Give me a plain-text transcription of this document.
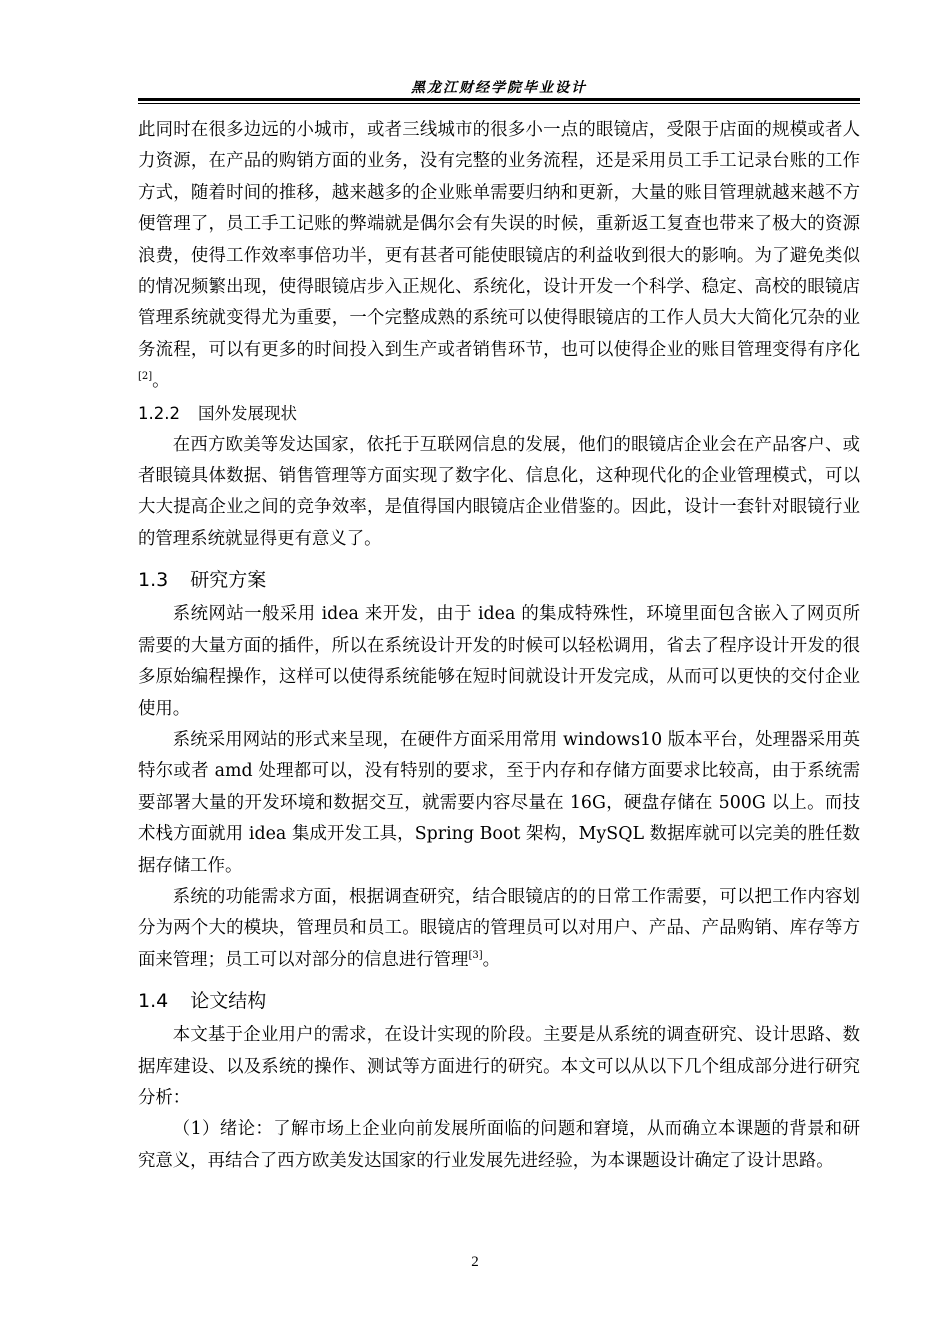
黑龙江财经学院毕业设计

此同时在很多边远的小城市，或者三线城市的很多小一点的眼镜店，受限于店面的规模或者人力资源，在产品的购销方面的业务，没有完整的业务流程，还是采用员工手工记录台账的工作方式，随着时间的推移，越来越多的企业账单需要归纳和更新，大量的账目管理就越来越不方便管理了，员工手工记账的弊端就是偶尔会有失误的时候，重新返工复查也带来了极大的资源浪费，使得工作效率事倍功半，更有甚者可能使眼镜店的利益收到很大的影响。为了避免类似的情况频繁出现，使得眼镜店步入正规化、系统化，设计开发一个科学、稳定、高校的眼镜店管理系统就变得尤为重要，一个完整成熟的系统可以使得眼镜店的工作人员大大简化冗杂的业务流程，可以有更多的时间投入到生产或者销售环节，也可以使得企业的账目管理变得有序化[2]。

1.2.2 国外发展现状

在西方欧美等发达国家，依托于互联网信息的发展，他们的眼镜店企业会在产品客户、或者眼镜具体数据、销售管理等方面实现了数字化、信息化，这种现代化的企业管理模式，可以大大提高企业之间的竞争效率，是值得国内眼镜店企业借鉴的。因此，设计一套针对眼镜行业的管理系统就显得更有意义了。

1.3 研究方案

系统网站一般采用 idea 来开发，由于 idea 的集成特殊性，环境里面包含嵌入了网页所需要的大量方面的插件，所以在系统设计开发的时候可以轻松调用，省去了程序设计开发的很多原始编程操作，这样可以使得系统能够在短时间就设计开发完成，从而可以更快的交付企业使用。

系统采用网站的形式来呈现，在硬件方面采用常用 windows10 版本平台，处理器采用英特尔或者 amd 处理都可以，没有特别的要求，至于内存和存储方面要求比较高，由于系统需要部署大量的开发环境和数据交互，就需要内容尽量在 16G，硬盘存储在 500G 以上。而技术栈方面就用 idea 集成开发工具，Spring Boot 架构，MySQL 数据库就可以完美的胜任数据存储工作。

系统的功能需求方面，根据调查研究，结合眼镜店的的日常工作需要，可以把工作内容划分为两个大的模块，管理员和员工。眼镜店的管理员可以对用户、产品、产品购销、库存等方面来管理；员工可以对部分的信息进行管理[3]。

1.4 论文结构

本文基于企业用户的需求，在设计实现的阶段。主要是从系统的调查研究、设计思路、数据库建设、以及系统的操作、测试等方面进行的研究。本文可以从以下几个组成部分进行研究分析：

（1）绪论：了解市场上企业向前发展所面临的问题和窘境，从而确立本课题的背景和研究意义，再结合了西方欧美发达国家的行业发展先进经验，为本课题设计确定了设计思路。

2
